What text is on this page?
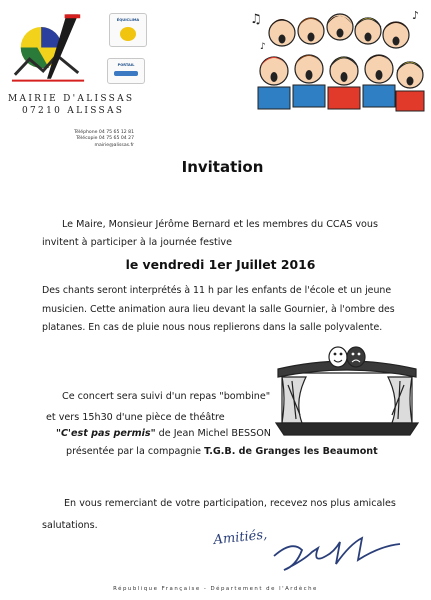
MAIRIE D'ALISSAS
07210 ALISSAS
Téléphone 04 75 65 12 81
Télécopie 04 75 65 04 27
mairie@alissas.fr
ÉQUICLIMA
PORTAIL
♫	♪
♪
Invitation
Le Maire, Monsieur Jérôme Bernard et les membres du CCAS vous
invitent à participer à la journée festive
le vendredi 1er Juillet 2016
Des chants seront interprétés à 11 h par les enfants de l'école et un jeune musicien. Cette animation aura lieu devant la salle Gournier, à l'ombre des platanes. En cas de pluie nous nous replierons dans la salle polyvalente.
Ce concert sera suivi d'un repas "bombine"
et vers 15h30 d'une pièce de théâtre
"C'est pas permis" de Jean Michel BESSON
présentée par la compagnie T.G.B. de Granges les Beaumont
En vous remerciant de votre participation, recevez nos plus amicales
salutations.
Amitiés,
République Française - Département de l'Ardèche
